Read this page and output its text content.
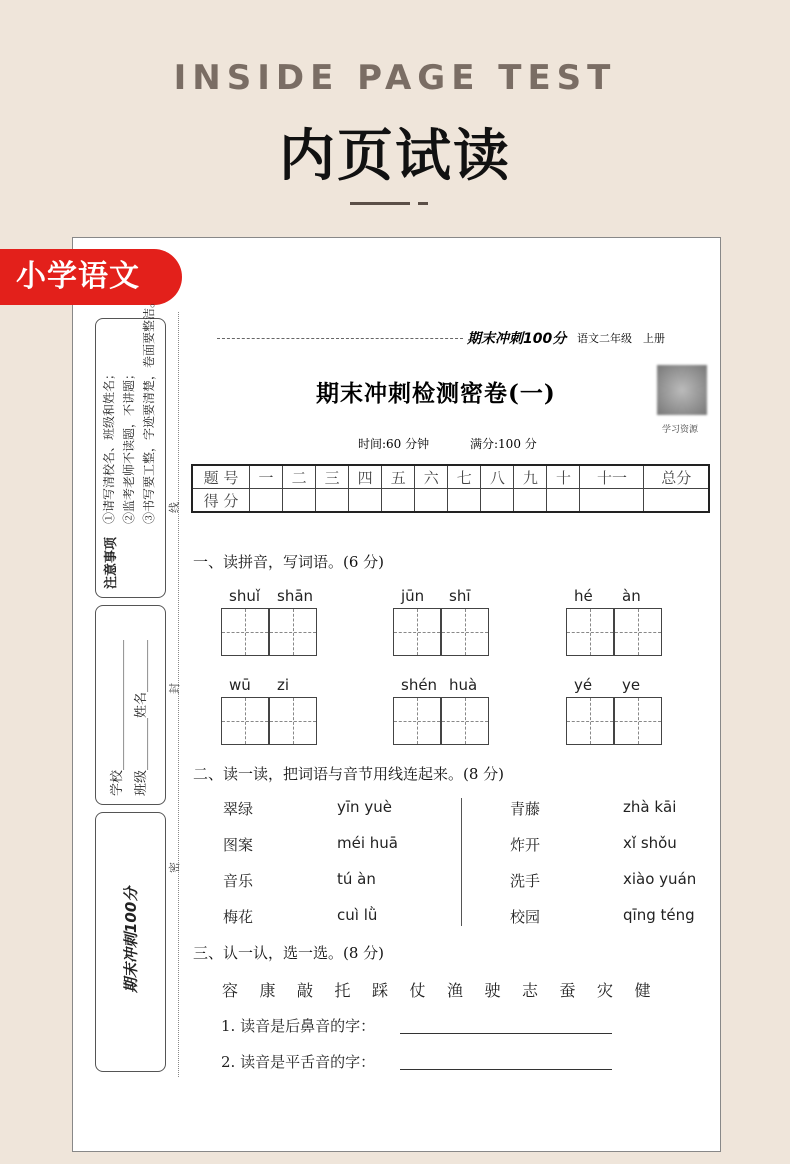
INSIDE PAGE TEST
内页试读
小学语文
注意事项
①请写清校名、班级和姓名； ②监考老师不读题，不讲题； ③书写要工整，字迹要清楚，卷面要整洁。
学校____________________
班级________姓名________
期末冲刺100分
线
封
密
期末冲刺100分 语文二年级　上册
期末冲刺检测密卷(一)
学习资源
时间:60 分钟	满分:100 分
题 号	一	二	三	四	五	六	七	八	九	十	十一	总分
得 分												
一、读拼音，写词语。(6 分)
shuǐ shān	jūn shī	hé àn
wū zi	shén huà	yé ye
二、读一读，把词语与音节用线连起来。(8 分)
翠绿	yīn yuè	青藤	zhà kāi
图案	méi huā	炸开	xǐ shǒu
音乐	tú àn	洗手	xiào yuán
梅花	cuì lǜ	校园	qīng téng
三、认一认，选一选。(8 分)
容 康 敲 托 踩 仗 渔 驶 志 蚕 灾 健
1. 读音是后鼻音的字：
2. 读音是平舌音的字：
